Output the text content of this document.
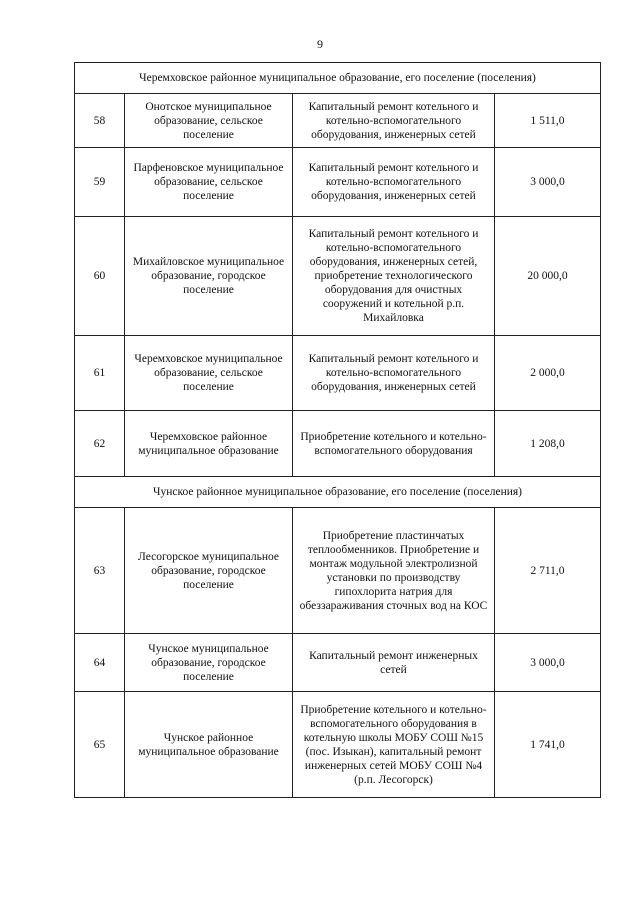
9
Черемховское районное муниципальное образование, его поселение (поселения)			
58	Онотское муниципальное образование, сельское поселение	Капитальный ремонт котельного и котельно-вспомогательного оборудования, инженерных сетей	1 511,0
59	Парфеновское муниципальное образование, сельское поселение	Капитальный ремонт котельного и котельно-вспомогательного оборудования, инженерных сетей	3 000,0
60	Михайловское муниципальное образование, городское поселение	Капитальный ремонт котельного и котельно-вспомогательного оборудования, инженерных сетей, приобретение технологического оборудования для очистных сооружений и котельной р.п. Михайловка	20 000,0
61	Черемховское муниципальное образование, сельское поселение	Капитальный ремонт котельного и котельно-вспомогательного оборудования, инженерных сетей	2 000,0
62	Черемховское районное муниципальное образование	Приобретение котельного и котельно-вспомогательного оборудования	1 208,0
Чунское районное муниципальное образование, его поселение (поселения)			
63	Лесогорское муниципальное образование, городское поселение	Приобретение пластинчатых теплообменников. Приобретение и монтаж модульной электролизной установки по производству гипохлорита натрия для обеззараживания сточных вод на КОС	2 711,0
64	Чунское муниципальное образование, городское поселение	Капитальный ремонт инженерных сетей	3 000,0
65	Чунское районное муниципальное образование	Приобретение котельного и котельно-вспомогательного оборудования в котельную школы МОБУ СОШ №15 (пос. Изыкан), капитальный ремонт инженерных сетей МОБУ СОШ №4 (р.п. Лесогорск)	1 741,0
